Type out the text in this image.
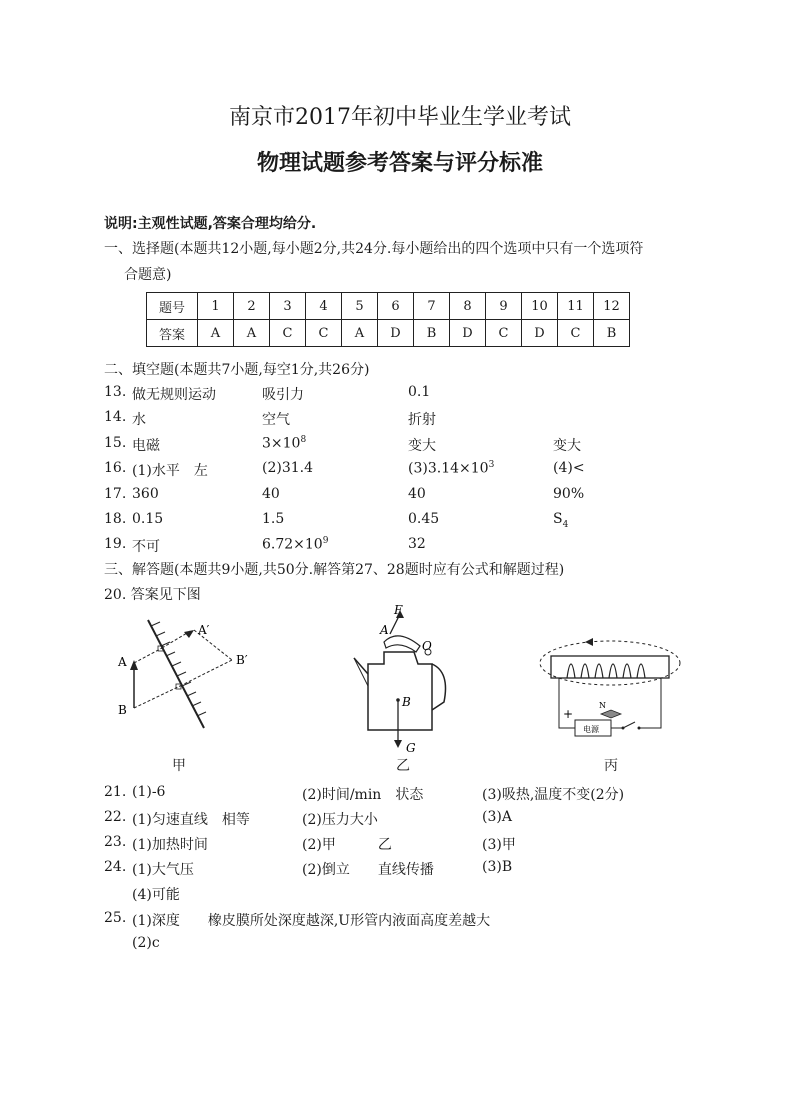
南京市2017年初中毕业生学业考试
物理试题参考答案与评分标准
说明:主观性试题,答案合理均给分.
一、选择题(本题共12小题,每小题2分,共24分.每小题给出的四个选项中只有一个选项符
合题意)
题号	1	2	3	4	5	6	7	8	9	10	11	12
答案	A	A	C	C	A	D	B	D	C	D	C	B
二、填空题(本题共7小题,每空1分,共26分)
13. 做无规则运动	吸引力	0.1
14. 水	空气	折射
15. 电磁	$3\times 10^8$	变大	变大
16. (1)水平　左	(2)31.4	$(3)3.14\times 10^3$	(4)<
17. 360	40	40	90%
18. 0.15	1.5	0.45	$S_4$
19. 不可	$6.72\times 10^9$	32
三、解答题(本题共9小题,共50分.解答第27、28题时应有公式和解题过程)
20. 答案见下图
A
B
A′
B′
F
A
O
B
G
+
N
电源
甲	乙	丙
21. (1)-6	(2)时间/min　状态	(3)吸热,温度不变(2分)
22. (1)匀速直线　相等	(2)压力大小	(3)A
23. (1)加热时间	(2)甲　　　乙	(3)甲
24. (1)大气压	(2)倒立　　直线传播	(3)B
(4)可能
25. (1)深度　　橡皮膜所处深度越深,U形管内液面高度差越大
(2)c
